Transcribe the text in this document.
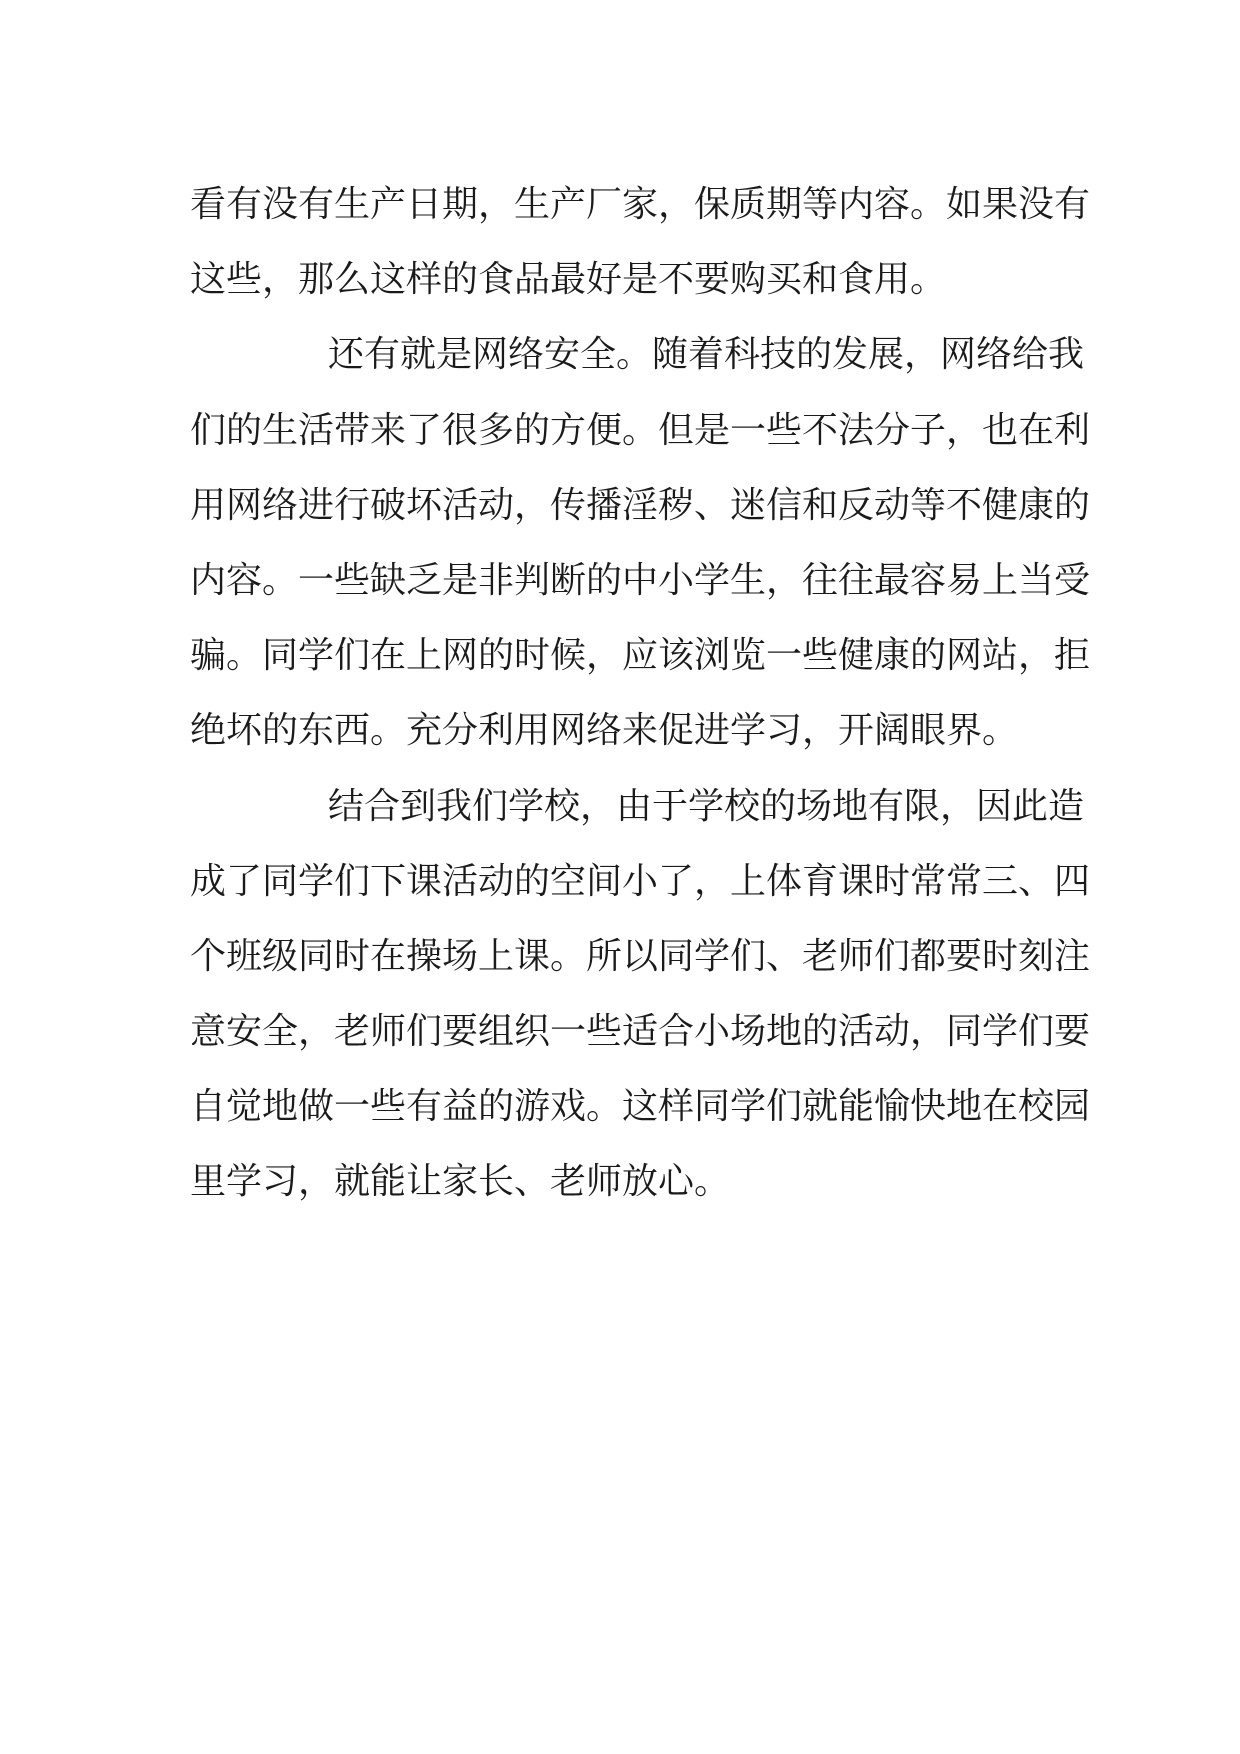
看有没有生产日期，生产厂家，保质期等内容。如果没有
这些，那么这样的食品最好是不要购买和食用。
还有就是网络安全。随着科技的发展，网络给我
们的生活带来了很多的方便。但是一些不法分子，也在利
用网络进行破坏活动，传播淫秽、迷信和反动等不健康的
内容。一些缺乏是非判断的中小学生，往往最容易上当受
骗。同学们在上网的时候，应该浏览一些健康的网站，拒
绝坏的东西。充分利用网络来促进学习，开阔眼界。
结合到我们学校，由于学校的场地有限，因此造
成了同学们下课活动的空间小了，上体育课时常常三、四
个班级同时在操场上课。所以同学们、老师们都要时刻注
意安全，老师们要组织一些适合小场地的活动，同学们要
自觉地做一些有益的游戏。这样同学们就能愉快地在校园
里学习，就能让家长、老师放心。
